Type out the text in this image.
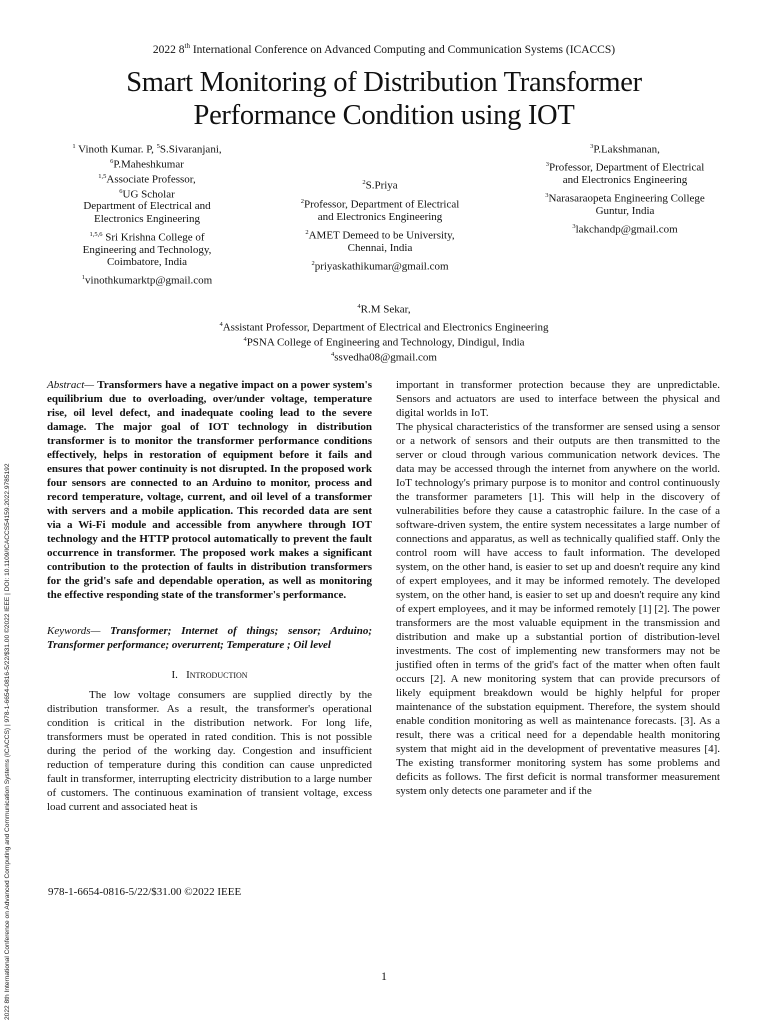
2022 8th International Conference on Advanced Computing and Communication Systems (ICACCS) | 978-1-6654-0816-5/22/$31.00 ©2022 IEEE | DOI: 10.1109/ICACCS54159.2022.9785192
2022 8th International Conference on Advanced Computing and Communication Systems (ICACCS)
Smart Monitoring of Distribution Transformer
Performance Condition using IOT
$^1$ Vinoth Kumar. P, $^5$S.Sivaranjani,
$^6$P.Maheshkumar
$^{1,5}$Associate Professor,
$^6$UG Scholar
Department of Electrical and
Electronics Engineering
$^{1,5,6}$ Sri Krishna College of
Engineering and Technology,
Coimbatore, India
$^1$vinothkumarktp@gmail.com
$^2$S.Priya
$^2$Professor, Department of Electrical
and Electronics Engineering
$^2$AMET Demeed to be University,
Chennai, India
$^2$priyaskathikumar@gmail.com
$^3$P.Lakshmanan,
$^3$Professor, Department of Electrical
and Electronics Engineering
$^3$Narasaraopeta Engineering College
Guntur, India
$^3$lakchandp@gmail.com
$^4$R.M Sekar,
$^4$Assistant Professor, Department of Electrical and Electronics Engineering
$^4$PSNA College of Engineering and Technology, Dindigul, India
$^4$ssvedha08@gmail.com

Abstract— Transformers have a negative impact on a power system's equilibrium due to overloading, over/under voltage, temperature rise, oil level defect, and inadequate cooling lead to the severe damage. The major goal of IOT technology in distribution transformer is to monitor the transformer performance conditions effectively, helps in restoration of equipment before it fails and ensures that power continuity is not disrupted. In the proposed work four sensors are connected to an Arduino to monitor, process and record temperature, voltage, current, and oil level of a transformer with servers and a mobile application. This recorded data are sent via a Wi-Fi module and accessible from anywhere through IOT technology and the HTTP protocol automatically to prevent the fault occurrence in transformer. The proposed work makes a significant contribution to the protection of faults in distribution transformers for the grid's safe and dependable operation, as well as monitoring the effective responding state of the transformer's performance.

Keywords— Transformer; Internet of things; sensor; Arduino; Transformer performance; overurrent; Temperature ; Oil level

I. Introduction

The low voltage consumers are supplied directly by the distribution transformer. As a result, the transformer's operational condition is critical in the distribution network. For long life, transformers must be operated in rated condition. This is not possible during the period of the working day. Congestion and insufficient reduction of temperature during this condition can cause unpredicted fault in transformer, interrupting electricity distribution to a large number of customers. The continuous examination of transient voltage, excess load current and associated heat is

important in transformer protection because they are unpredictable. Sensors and actuators are used to interface between the physical and digital worlds in IoT.

The physical characteristics of the transformer are sensed using a sensor or a network of sensors and their outputs are then transmitted to the server or cloud through various communication network devices. The data may be accessed through the internet from anywhere on the world. IoT technology's primary purpose is to monitor and control continuously the transformer parameters [1]. This will help in the discovery of vulnerabilities before they cause a catastrophic failure. In the case of a software-driven system, the entire system necessitates a large number of connections and apparatus, as well as technically qualified staff. Only the control room will have access to fault information. The developed system, on the other hand, is easier to set up and doesn't require any kind of expert employees, and it may be informed remotely. The developed system, on the other hand, is easier to set up and doesn't require any kind of expert employees, and it may be informed remotely [1] [2]. The power transformers are the most valuable equipment in the transmission and distribution and make up a substantial portion of distribution-level investments. The cost of implementing new transformers may not be justified often in terms of the grid's fact of the matter when often fault occurs [2]. A new monitoring system that can provide precursors of likely equipment breakdown would be highly helpful for proper maintenance of the substation equipment. Therefore, the system should enable condition monitoring as well as maintenance forecasts. [3]. As a result, there was a critical need for a dependable health monitoring system that might aid in the development of preventative measures [4]. The existing transformer monitoring system has some problems and deficits as follows. The first deficit is normal transformer measurement system only detects one parameter and if the

978-1-6654-0816-5/22/$31.00 ©2022 IEEE
1
